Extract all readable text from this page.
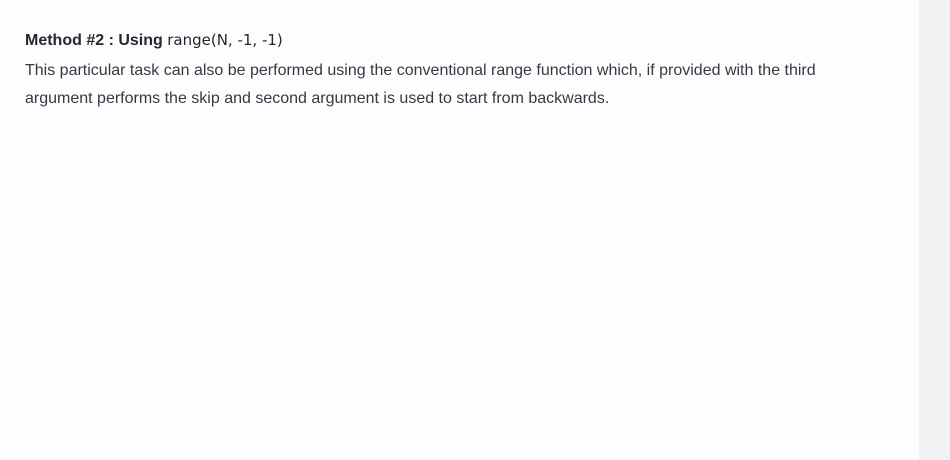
Method #2 : Using range(N, -1, -1)

This particular task can also be performed using the conventional range function which, if provided with the third argument performs the skip and second argument is used to start from backwards.
